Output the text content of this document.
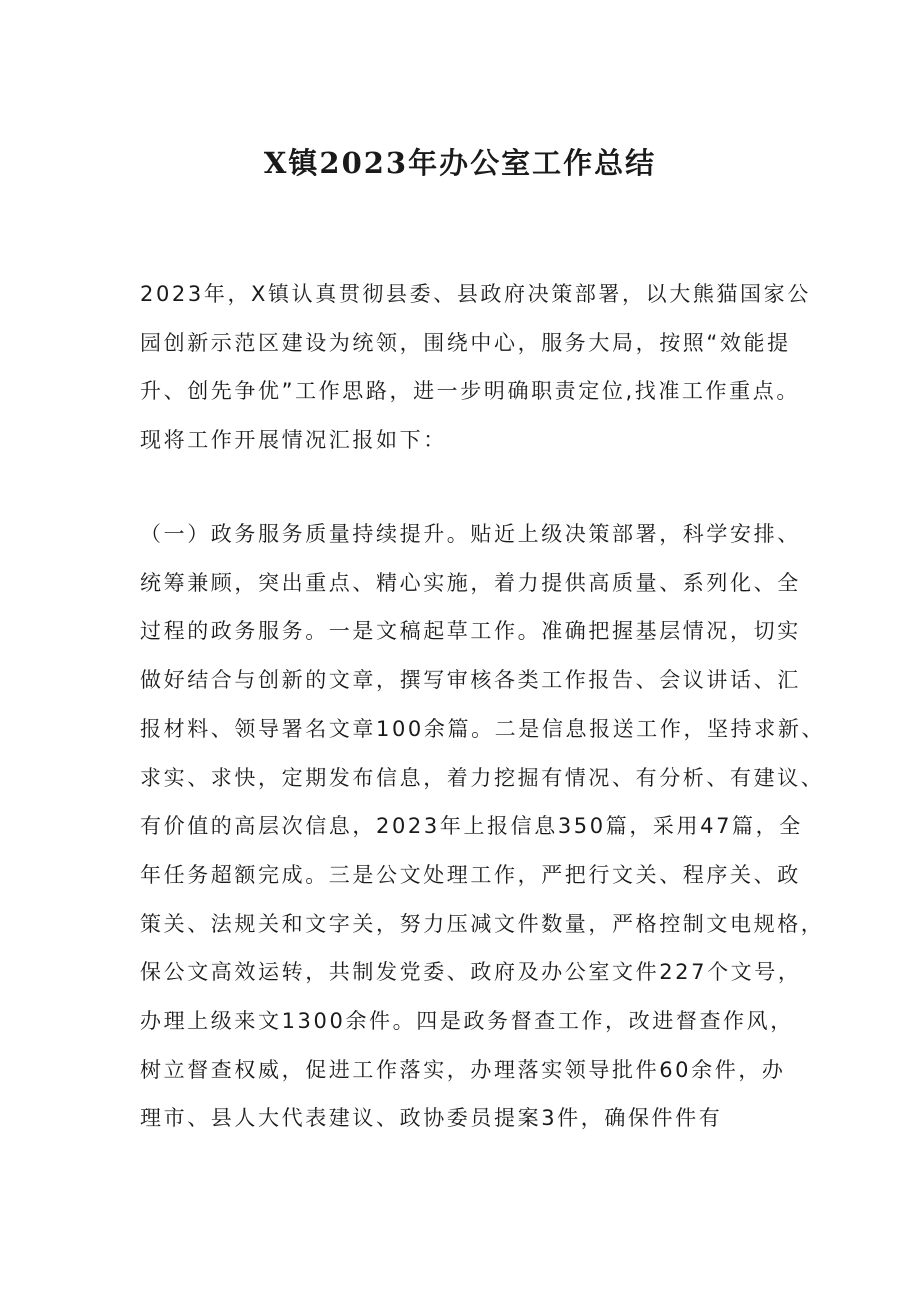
X镇2023年办公室工作总结

2023年，X镇认真贯彻县委、县政府决策部署，以大熊猫国家公
园创新示范区建设为统领，围绕中心，服务大局，按照“效能提
升、创先争优”工作思路，进一步明确职责定位,找准工作重点。
现将工作开展情况汇报如下：

（一）政务服务质量持续提升。贴近上级决策部署，科学安排、
统筹兼顾，突出重点、精心实施，着力提供高质量、系列化、全
过程的政务服务。一是文稿起草工作。准确把握基层情况，切实
做好结合与创新的文章，撰写审核各类工作报告、会议讲话、汇
报材料、领导署名文章100余篇。二是信息报送工作，坚持求新、
求实、求快，定期发布信息，着力挖掘有情况、有分析、有建议、
有价值的高层次信息，2023年上报信息350篇，采用47篇，全
年任务超额完成。三是公文处理工作，严把行文关、程序关、政
策关、法规关和文字关，努力压减文件数量，严格控制文电规格，
保公文高效运转，共制发党委、政府及办公室文件227个文号，
办理上级来文1300余件。四是政务督查工作，改进督查作风，
树立督查权威，促进工作落实，办理落实领导批件60余件，办
理市、县人大代表建议、政协委员提案3件，确保件件有
